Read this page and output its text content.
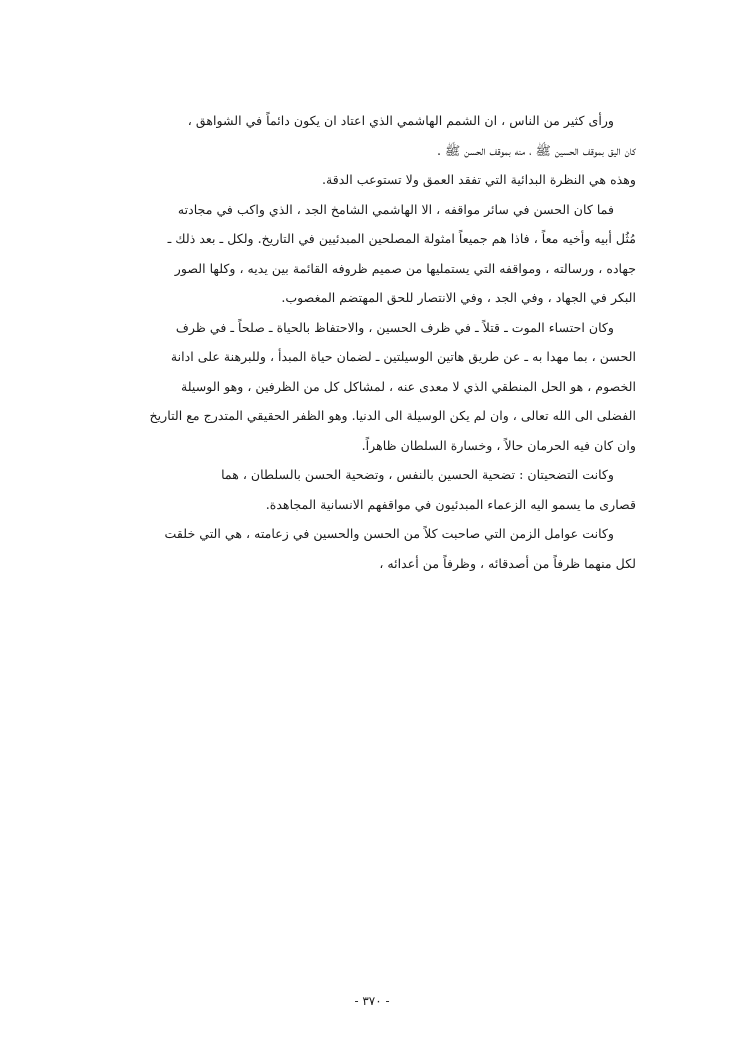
ورأى كثير من الناس ، ان الشمم الهاشمي الذي اعتاد ان يكون دائماً في الشواهق ،
كان اليق بموقف الحسين ﷺ ، منه بموقف الحسن ﷺ .

وهذه هي النظرة البدائية التي تفقد العمق ولا تستوعب الدقة.

فما كان الحسن في سائر مواقفه ، الا الهاشمي الشامخ الجد ، الذي واكب في مجادته
مُثُل أبيه وأخيه معاً ، فاذا هم جميعاً امثولة المصلحين المبدئيين في التاريخ. ولكل ـ بعد ذلك ـ
جهاده ، ورسالته ، ومواقفه التي يستمليها من صميم ظروفه القائمة بين يديه ، وكلها الصور
البكر في الجهاد ، وفي الجد ، وفي الانتصار للحق المهتضم المغصوب.

وكان احتساء الموت ـ قتلاً ـ في ظرف الحسين ، والاحتفاظ بالحياة ـ صلحاً ـ في ظرف
الحسن ، بما مهدا به ـ عن طريق هاتين الوسيلتين ـ لضمان حياة المبدأ ، وللبرهنة على ادانة
الخصوم ، هو الحل المنطقي الذي لا معدى عنه ، لمشاكل كل من الظرفين ، وهو الوسيلة
الفضلى الى الله تعالى ، وان لم يكن الوسيلة الى الدنيا. وهو الظفر الحقيقي المتدرج مع التاريخ
وان كان فيه الحرمان حالاً ، وخسارة السلطان ظاهراً.

وكانت التضحيتان : تضحية الحسين بالنفس ، وتضحية الحسن بالسلطان ، هما
قصارى ما يسمو اليه الزعماء المبدئيون في مواقفهم الانسانية المجاهدة.

وكانت عوامل الزمن التي صاحبت كلاً من الحسن والحسين في زعامته ، هي التي خلقت
لكل منهما ظرفاً من أصدقائه ، وظرفاً من أعدائه ،

- ٣٧٠ -
